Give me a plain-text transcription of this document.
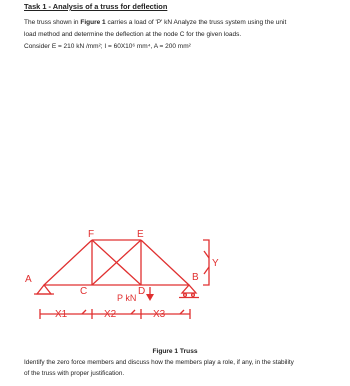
Task 1 - Analysis of a truss for deflection

The truss shown in Figure 1 carries a load of 'P' kN Analyze the truss system using the unit

load method and determine the deflection at the node C for the given loads.

Consider E = 210 kN /mm²; I = 60X10⁶ mm⁴, A = 200 mm²

A
F	E
B
C	D
P kN
Y
X1	X2	X3
Figure 1 Truss

Identify the zero force members and discuss how the members play a role, if any, in the stability

of the truss with proper justification.
